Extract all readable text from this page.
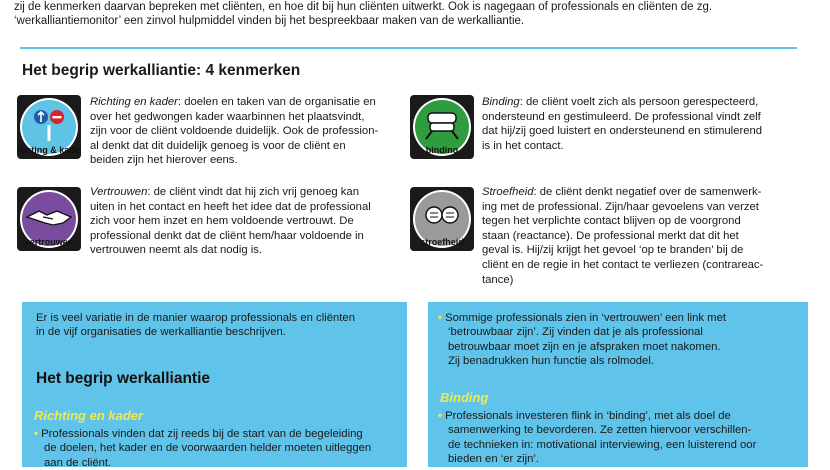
zij de kenmerken daarvan bepreken met cliënten, en hoe dit bij hun cliënten uitwerkt. Ook is nagegaan of professionals en cliënten de zg.
‘werkalliantiemonitor’ een zinvol hulpmiddel vinden bij het bespreekbaar maken van de werkalliantie.
Het begrip werkalliantie: 4 kenmerken
richting & kader
Richting en kader: doelen en taken van de organisatie en
over het gedwongen kader waarbinnen het plaatsvindt,
zijn voor de cliënt voldoende duidelijk. Ook de profession-
al denkt dat dit duidelijk genoeg is voor de cliënt en
beiden zijn het hierover eens.
binding
Binding: de cliënt voelt zich als persoon gerespecteerd,
ondersteund en gestimuleerd. De professional vindt zelf
dat hij/zij goed luistert en ondersteunend en stimulerend
is in het contact.
vertrouwen
Vertrouwen: de cliënt vindt dat hij zich vrij genoeg kan
uiten in het contact en heeft het idee dat de professional
zich voor hem inzet en hem voldoende vertrouwt. De
professional denkt dat de cliënt hem/haar voldoende in
vertrouwen neemt als dat nodig is.
stroefheid
Stroefheid: de cliënt denkt negatief over de samenwerk-
ing met de professional. Zijn/haar gevoelens van verzet
tegen het verplichte contact blijven op de voorgrond
staan (reactance). De professional merkt dat dit het
geval is. Hij/zij krijgt het gevoel ‘op te branden’ bij de
cliënt en de regie in het contact te verliezen (contrareac-
tance)
Er is veel variatie in de manier waarop professionals en cliënten
in de vijf organisaties de werkalliantie beschrijven.
Het begrip werkalliantie
Richting en kader
• Professionals vinden dat zij reeds bij de start van de begeleiding
de doelen, het kader en de voorwaarden helder moeten uitleggen
aan de cliënt.
• Sommige professionals zien in ‘vertrouwen’ een link met
‘betrouwbaar zijn’. Zij vinden dat je als professional
betrouwbaar moet zijn en je afspraken moet nakomen.
Zij benadrukken hun functie als rolmodel.
Binding
• Professionals investeren flink in ‘binding’, met als doel de
samenwerking te bevorderen. Ze zetten hiervoor verschillen-
de technieken in: motivational interviewing, een luisterend oor
bieden en ‘er zijn’.
